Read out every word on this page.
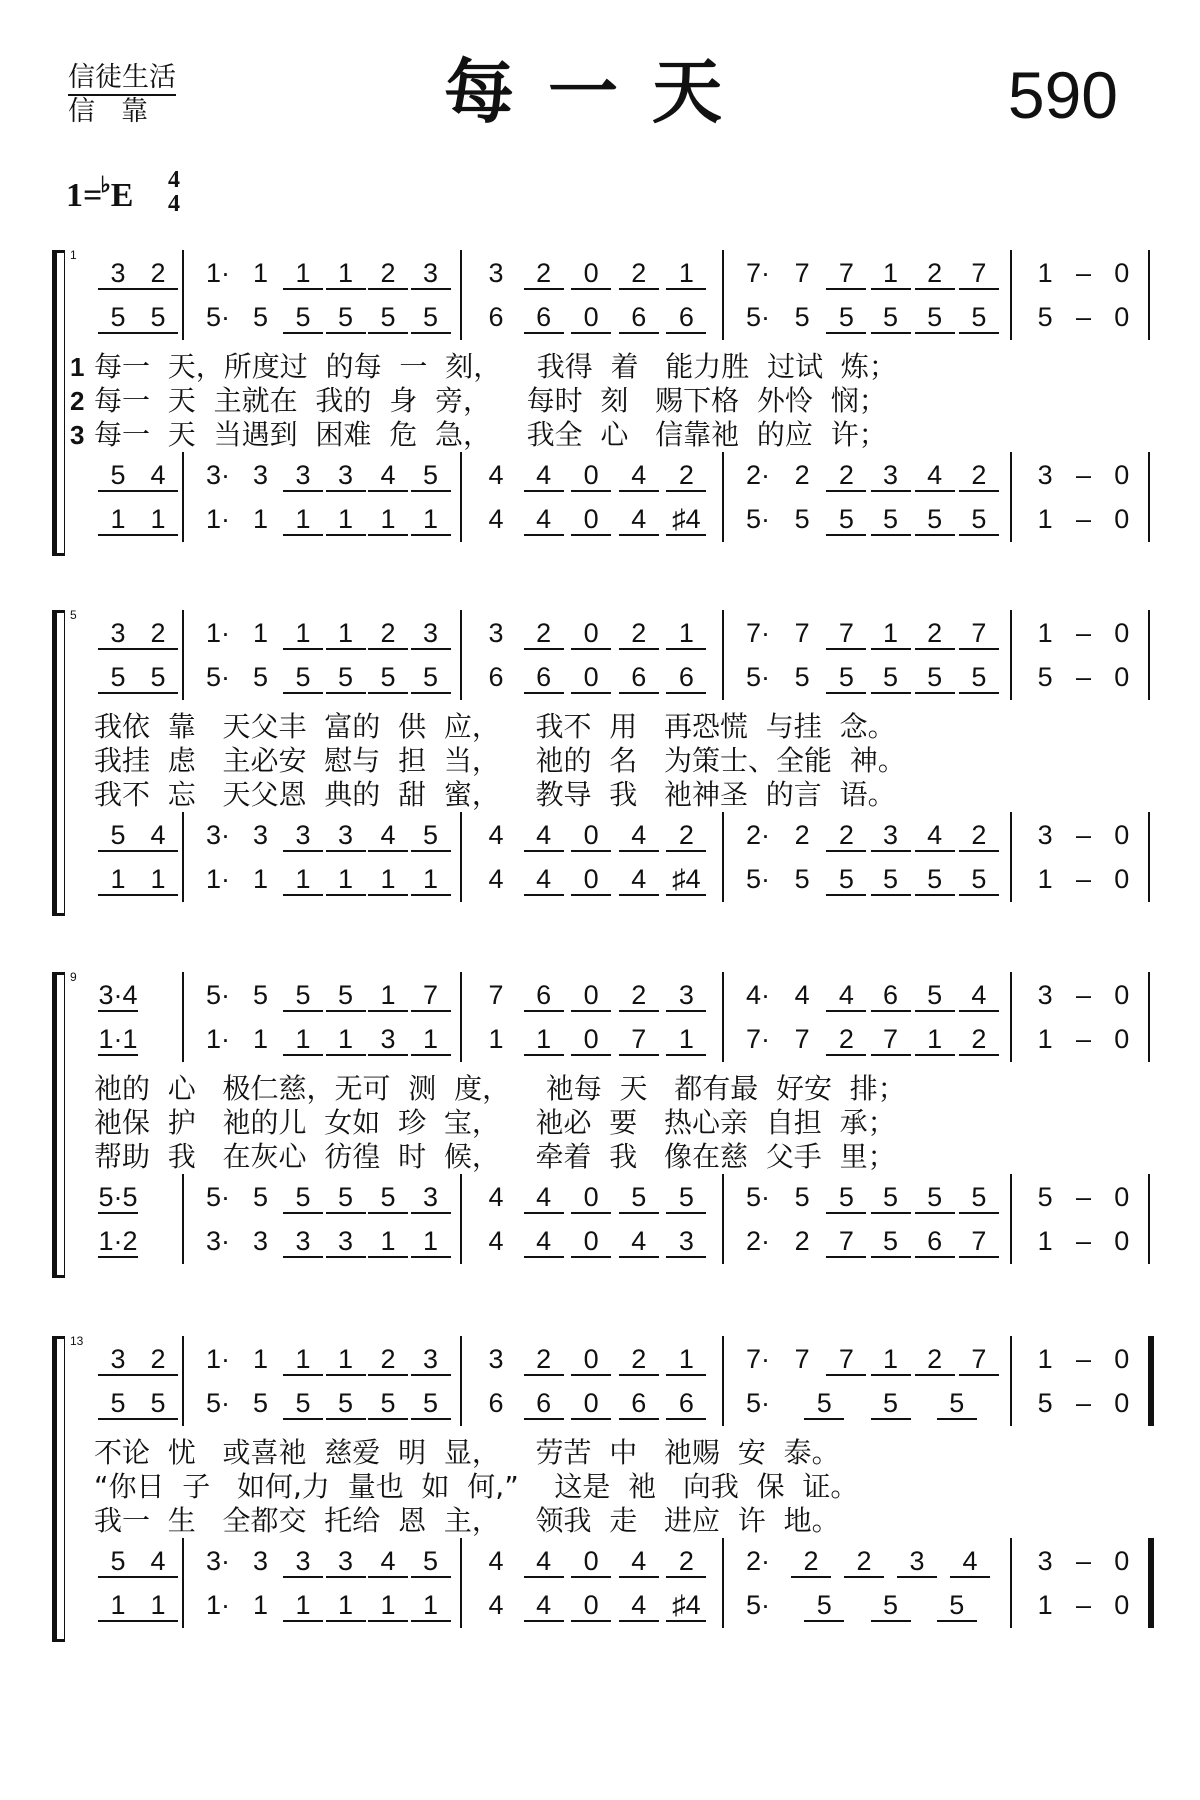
信徒生活
信靠	每一天	590
1=♭E 4
4
1
3 2	1· 1	1	1	2	3	3	2	0	2	1	7· 7	7	1	2	7	1 – 0
5 5	5· 5	5	5	5	5	6	6	0	6	6	5· 5	5	5	5	5	5 – 0
5 4	3· 3	3	3	4	5	4	4	0	4	2	2· 2	2	3	4	2	3 – 0
1 1	1· 1	1	1	1	1	4	4	0	4 ♯4 5· 5	5	5	5	5	1 – 0
1 每一  天，所度过  的每  一  刻，    我得  着   能力胜  过试  炼；
2 每一  天  主就在  我的  身  旁，    每时  刻   赐下格  外怜  悯；
3 每一  天  当遇到  困难  危  急，    我全  心   信靠祂  的应  许；
5
3 2	1· 1	1	1	2	3	3	2	0	2	1	7· 7	7	1	2	7	1 – 0
5 5	5· 5	5	5	5	5	6	6	0	6	6	5· 5	5	5	5	5	5 – 0
5 4	3· 3	3	3	4	5	4	4	0	4	2	2· 2	2	3	4	2	3 – 0
1 1	1· 1	1	1	1	1	4	4	0	4 ♯4 5· 5	5	5	5	5	1 – 0
我依  靠   天父丰  富的  供  应，    我不  用   再恐慌  与挂  念。
我挂  虑   主必安  慰与  担  当，    祂的  名   为策士、全能  神。
我不  忘   天父恩  典的  甜  蜜，    教导  我   祂神圣  的言  语。
9
3·4	5· 5	5	5	1	7	7	6	0	2	3	4· 4	4	6	5	4	3 – 0
1·1	1· 1	1	1	3	1	1	1	0	7	1	7· 7	2	7	1	2	1 – 0
5·5	5· 5	5	5	5	3	4	4	0	5	5	5· 5	5	5	5	5	5 – 0
1·2	3· 3	3	3	1	1	4	4	0	4	3	2· 2	7	5	6	7	1 – 0
祂的  心   极仁慈，无可  测  度，    祂每  天   都有最  好安  排；
祂保  护   祂的儿  女如  珍  宝，    祂必  要   热心亲  自担  承；
帮助  我   在灰心  彷徨  时  候，    牵着  我   像在慈  父手  里；
13
3 2	1· 1	1	1	2	3	3	2	0	2	1	7· 7	7	1	2	7	1 – 0
5 5	5· 5	5	5	5	5	6	6	0	6	6	5·	5	5	5	5 – 0
5 4	3· 3	3	3	4	5	4	4	0	4	2	2·	2	2	3	4	3 – 0
1 1	1· 1	1	1	1	1	4	4	0	4 ♯4 5·	5	5	5	1 – 0
不论  忧   或喜祂  慈爱  明  显，    劳苦  中   祂赐  安  泰。
“你日  子   如何,力  量也  如  何,”    这是  祂   向我  保  证。
我一  生   全都交  托给  恩  主，    领我  走   进应  许  地。
